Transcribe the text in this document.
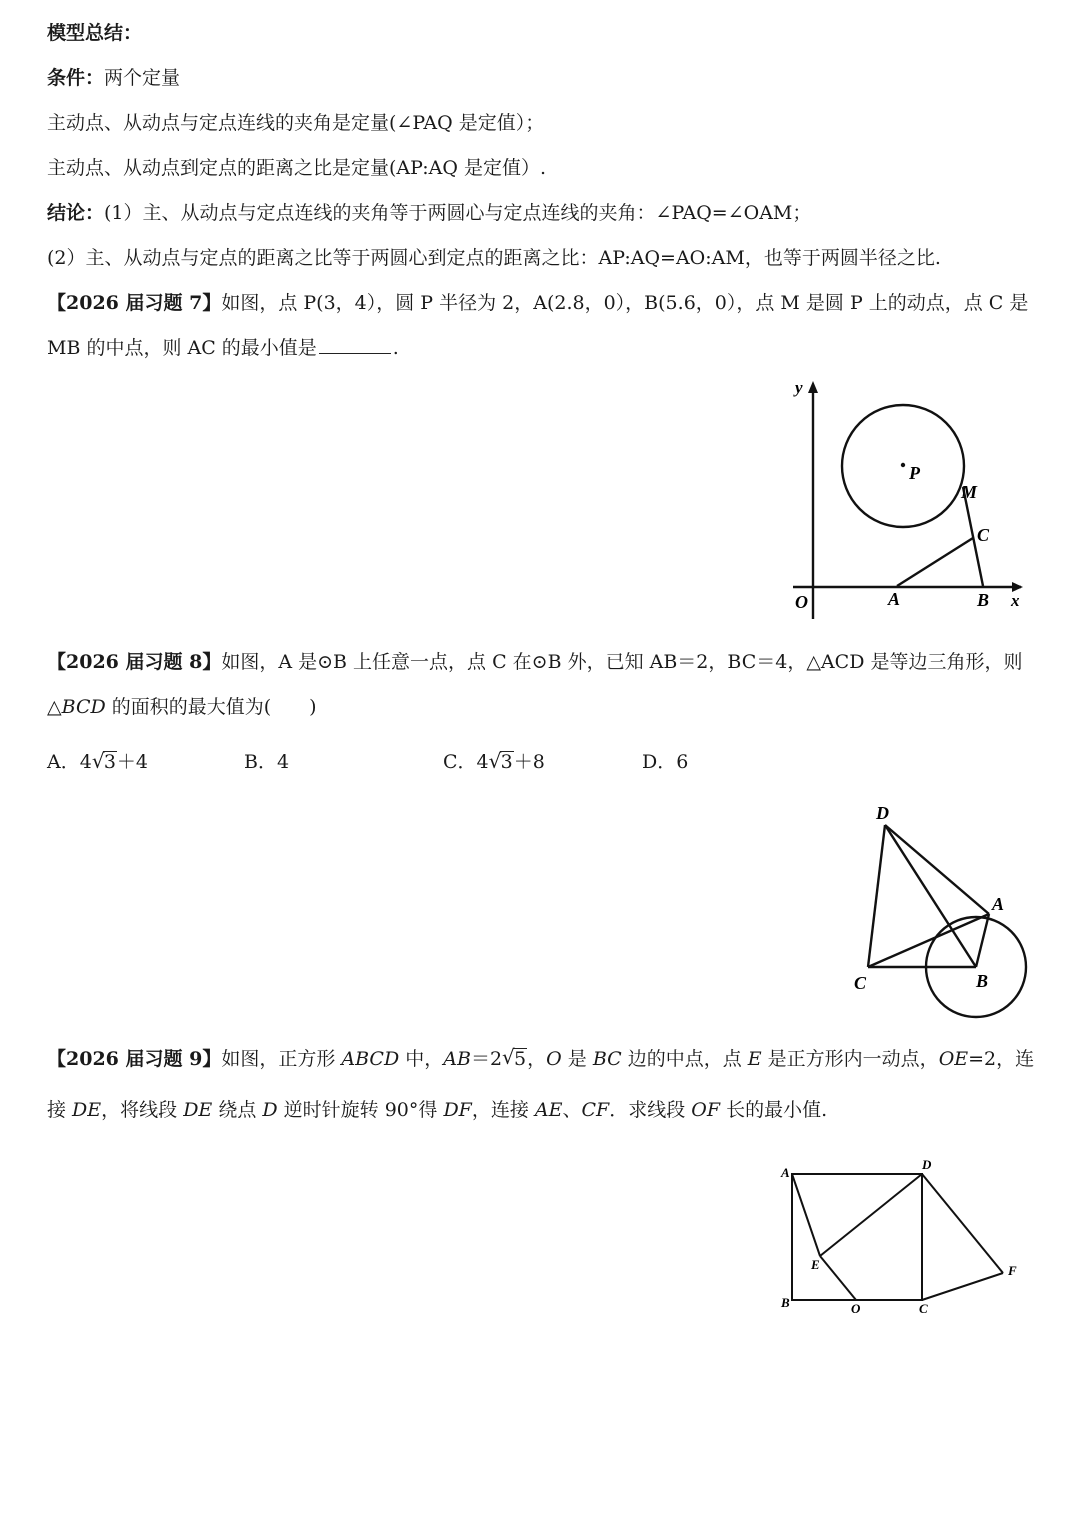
模型总结：
条件：两个定量
主动点、从动点与定点连线的夹角是定量(∠PAQ 是定值）；
主动点、从动点到定点的距离之比是定量(AP:AQ 是定值）.
结论：(1）主、从动点与定点连线的夹角等于两圆心与定点连线的夹角：∠PAQ=∠OAM；
(2）主、从动点与定点的距离之比等于两圆心到定点的距离之比：AP:AQ=AO:AM，也等于两圆半径之比.
【2026 届习题 7】如图，点 P(3，4），圆 P 半径为 2，A(2.8，0），B(5.6，0），点 M 是圆 P 上的动点，点 C 是
MB 的中点，则 AC 的最小值是	.
y
x
O
P
M
C
A	B
【2026 届习题 8】如图，A 是⊙B 上任意一点，点 C 在⊙B 外，已知 AB＝2，BC＝4，△ACD 是等边三角形，则
△BCD 的面积的最大值为(　　)
A．4 √ 3＋4	B．4	C．4 √ 3＋8	D．6
D
A
C	B
【2026 届习题 9】如图，正方形 ABCD 中，AB＝2 √ 5，O 是 BC 边的中点，点 E 是正方形内一动点，OE=2，连
接 DE，将线段 DE 绕点 D 逆时针旋转 90°得 DF，连接 AE、CF．求线段 OF 长的最小值.
A
D
E	F
B	O	C
